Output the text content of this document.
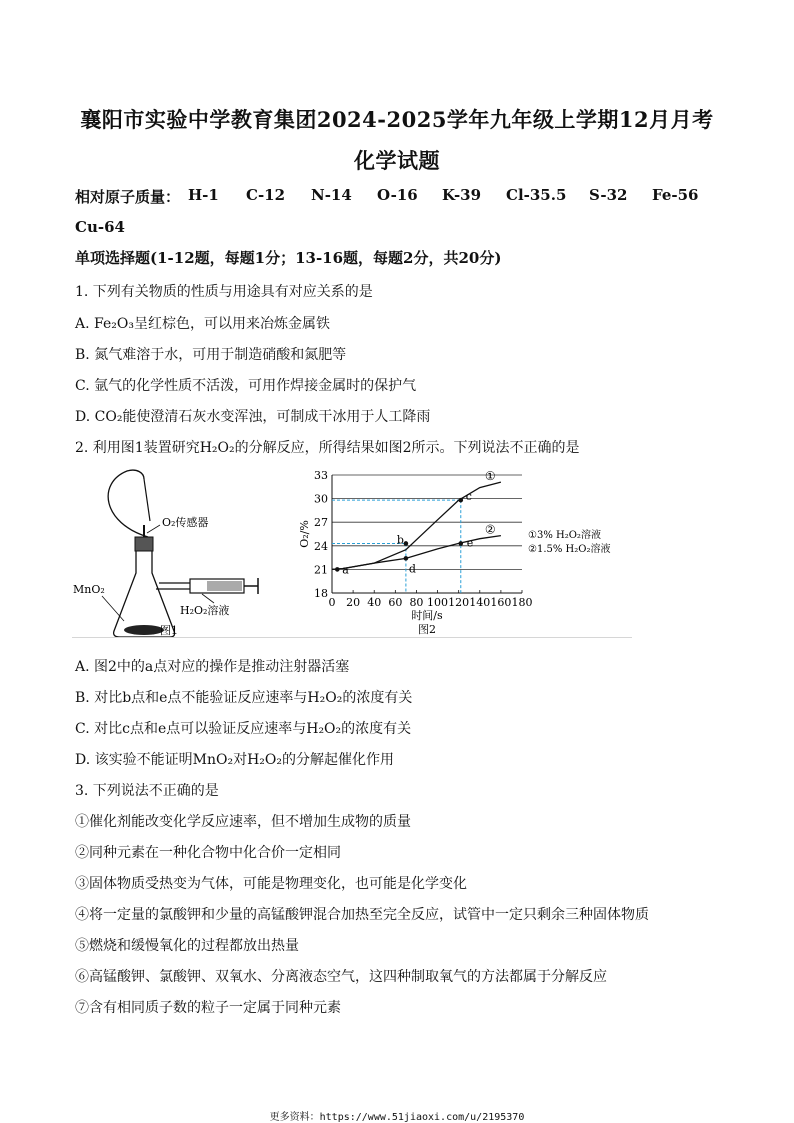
襄阳市实验中学教育集团2024-2025学年九年级上学期12月月考
化学试题
相对原子质量： H-1 C-12 N-14 O-16 K-39 Cl-35.5 S-32 Fe-56
Cu-64
单项选择题(1-12题，每题1分；13-16题，每题2分，共20分)
1. 下列有关物质的性质与用途具有对应关系的是
A. Fe₂O₃呈红棕色，可以用来冶炼金属铁
B. 氮气难溶于水，可用于制造硝酸和氮肥等
C. 氩气的化学性质不活泼，可用作焊接金属时的保护气
D. CO₂能使澄清石灰水变浑浊，可制成干冰用于人工降雨
2. 利用图1装置研究H₂O₂的分解反应，所得结果如图2所示。下列说法不正确的是
O₂传感器
MnO₂
H₂O₂溶液
图1
18
21
24
27
30
33
0 20 40 60 80 100 120 140 160 180
O₂/%
时间/s
图2
①
②
a
b
c
d
e
①3% H₂O₂溶液
②1.5% H₂O₂溶液
A. 图2中的a点对应的操作是推动注射器活塞
B. 对比b点和e点不能验证反应速率与H₂O₂的浓度有关
C. 对比c点和e点可以验证反应速率与H₂O₂的浓度有关
D. 该实验不能证明MnO₂对H₂O₂的分解起催化作用
3. 下列说法不正确的是
①催化剂能改变化学反应速率，但不增加生成物的质量
②同种元素在一种化合物中化合价一定相同
③固体物质受热变为气体，可能是物理变化，也可能是化学变化
④将一定量的氯酸钾和少量的高锰酸钾混合加热至完全反应，试管中一定只剩余三种固体物质
⑤燃烧和缓慢氧化的过程都放出热量
⑥高锰酸钾、氯酸钾、双氧水、分离液态空气，这四种制取氧气的方法都属于分解反应
⑦含有相同质子数的粒子一定属于同种元素
更多资料：https://www.51jiaoxi.com/u/2195370
